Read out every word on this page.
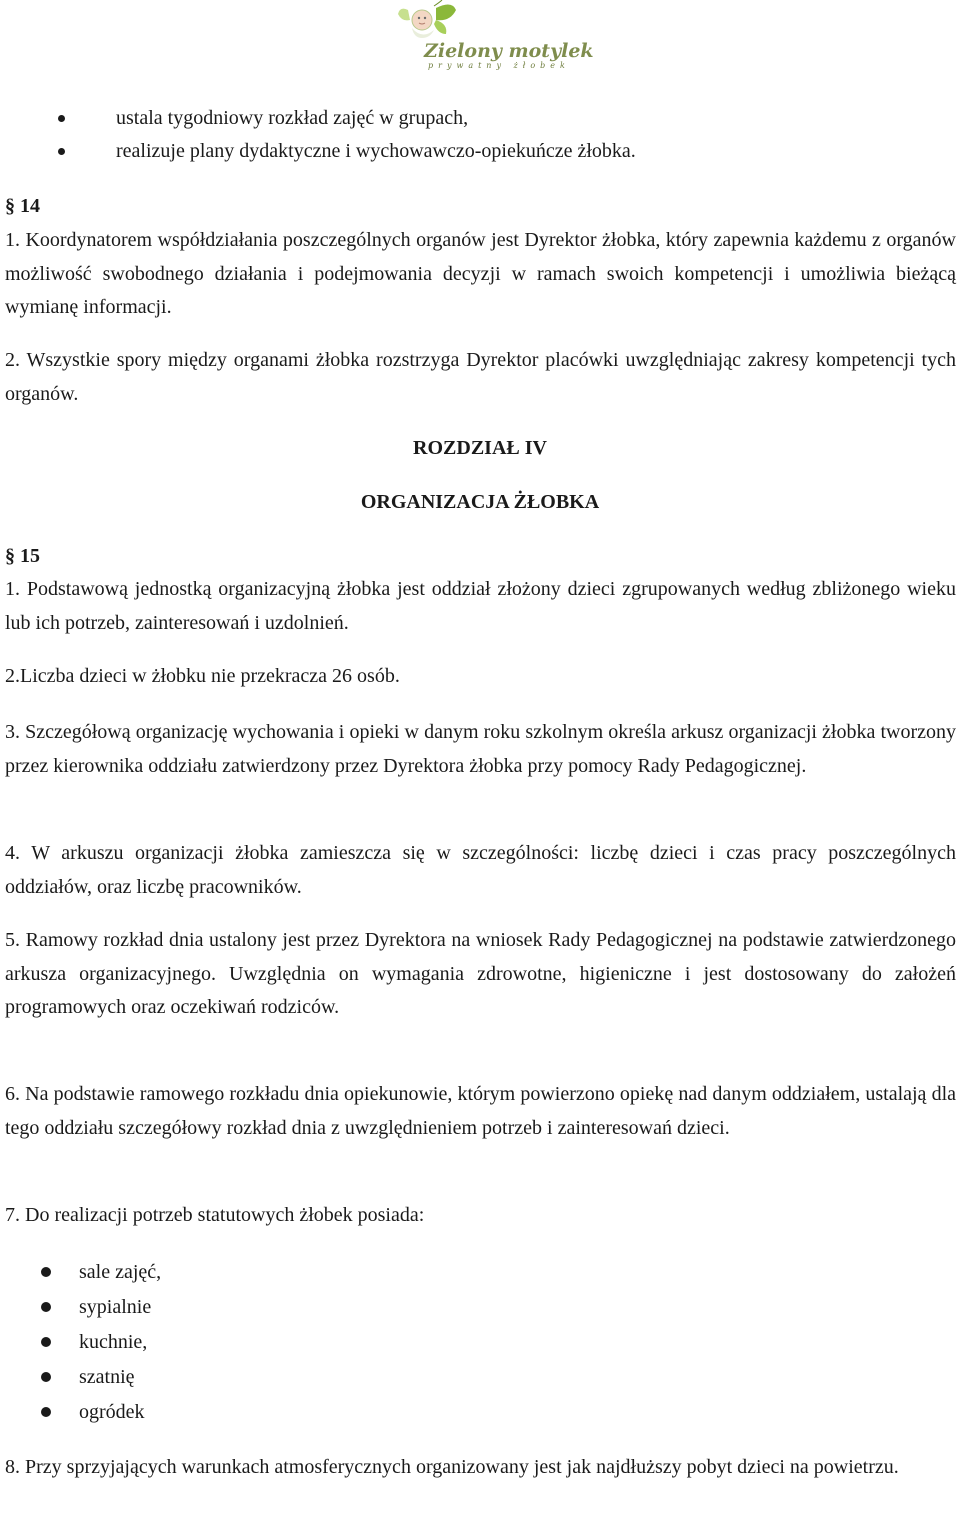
Zielony motylek
prywatny żłobek
ustala tygodniowy rozkład zajęć w grupach,
realizuje plany dydaktyczne i wychowawczo-opiekuńcze żłobka.
§ 14
1. Koordynatorem współdziałania poszczególnych organów jest Dyrektor żłobka, który zapewnia każdemu z organów możliwość swobodnego działania i podejmowania decyzji w ramach swoich kompetencji i umożliwia bieżącą wymianę informacji.
2. Wszystkie spory między organami żłobka rozstrzyga Dyrektor placówki uwzględniając zakresy kompetencji tych organów.
ROZDZIAŁ IV
ORGANIZACJA ŻŁOBKA
§ 15
1. Podstawową jednostką organizacyjną żłobka jest oddział złożony dzieci zgrupowanych według zbliżonego wieku lub ich potrzeb, zainteresowań i uzdolnień.
2.Liczba dzieci w żłobku nie przekracza 26 osób.
3. Szczegółową organizację wychowania i opieki w danym roku szkolnym określa arkusz organizacji żłobka tworzony przez kierownika oddziału zatwierdzony przez Dyrektora żłobka przy pomocy Rady Pedagogicznej.
4. W arkuszu organizacji żłobka zamieszcza się w szczególności: liczbę dzieci i czas pracy poszczególnych oddziałów, oraz liczbę pracowników.
5. Ramowy rozkład dnia ustalony jest przez Dyrektora na wniosek Rady Pedagogicznej na podstawie zatwierdzonego arkusza organizacyjnego. Uwzględnia on wymagania zdrowotne, higieniczne i jest dostosowany do założeń programowych oraz oczekiwań rodziców.
6. Na podstawie ramowego rozkładu dnia opiekunowie, którym powierzono opiekę nad danym oddziałem, ustalają dla tego oddziału szczegółowy rozkład dnia z uwzględnieniem potrzeb i zainteresowań dzieci.
7. Do realizacji potrzeb statutowych żłobek posiada:
sale zajęć,
sypialnie
kuchnie,
szatnię
ogródek
8. Przy sprzyjających warunkach atmosferycznych organizowany jest jak najdłuższy pobyt dzieci na powietrzu.
